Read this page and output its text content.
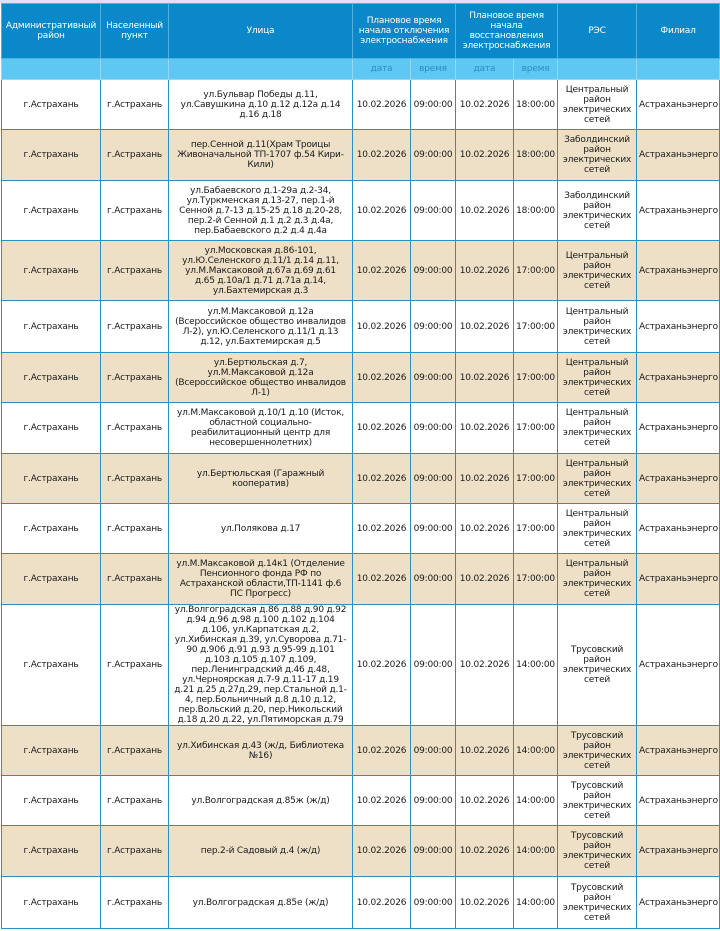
Административный район	Населенный пункт	Улица	Плановое время начала отключения электроснабжения		Плановое время начала восстановления электроснабжения		РЭС	Филиал
			дата	время	дата	время		
г.Астрахань	г.Астрахань	ул.Бульвар Победы д.11, ул.Савушкина д.10 д.12 д.12а д.14 д.16 д.18	10.02.2026	09:00:00	10.02.2026	18:00:00	Центральный район электрических сетей	Астраханьэнерго
г.Астрахань	г.Астрахань	пер.Сенной д.11(Храм Троицы Живоначальной ТП-1707 ф.54 Кири-Кили)	10.02.2026	09:00:00	10.02.2026	18:00:00	Заболдинский район электрических сетей	Астраханьэнерго
г.Астрахань	г.Астрахань	ул.Бабаевского д.1-29а д.2-34, ул.Туркменская д.13-27, пер.1-й Сенной д.7-13 д.15-25 д.18 д.20-28, пер.2-й Сенной д.1 д.2 д.3 д.4а, пер.Бабаевского д.2 д.4 д.4а	10.02.2026	09:00:00	10.02.2026	18:00:00	Заболдинский район электрических сетей	Астраханьэнерго
г.Астрахань	г.Астрахань	ул.Московская д.86-101, ул.Ю.Селенского д.11/1 д.14 д.11, ул.М.Максаковой д.67а д.69 д.61 д.65 д.10а/1 д.71 д.71а д.14, ул.Бахтемирская д.3	10.02.2026	09:00:00	10.02.2026	17:00:00	Центральный район электрических сетей	Астраханьэнерго
г.Астрахань	г.Астрахань	ул.М.Максаковой д.12а (Всероссийское общество инвалидов Л-2), ул.Ю.Селенского д.11/1 д.13 д.12, ул.Бахтемирская д.5	10.02.2026	09:00:00	10.02.2026	17:00:00	Центральный район электрических сетей	Астраханьэнерго
г.Астрахань	г.Астрахань	ул.Бертюльская д.7, ул.М.Максаковой д.12а (Всероссийское общество инвалидов Л-1)	10.02.2026	09:00:00	10.02.2026	17:00:00	Центральный район электрических сетей	Астраханьэнерго
г.Астрахань	г.Астрахань	ул.М.Максаковой д.10/1 д.10 (Исток, областной социально-реабилитационный центр для несовершеннолетних)	10.02.2026	09:00:00	10.02.2026	17:00:00	Центральный район электрических сетей	Астраханьэнерго
г.Астрахань	г.Астрахань	ул.Бертюльская (Гаражный кооператив)	10.02.2026	09:00:00	10.02.2026	17:00:00	Центральный район электрических сетей	Астраханьэнерго
г.Астрахань	г.Астрахань	ул.Полякова д.17	10.02.2026	09:00:00	10.02.2026	17:00:00	Центральный район электрических сетей	Астраханьэнерго
г.Астрахань	г.Астрахань	ул.М.Максаковой д.14к1 (Отделение Пенсионного фонда РФ по Астраханской области,ТП-1141 ф.6 ПС Прогресс)	10.02.2026	09:00:00	10.02.2026	17:00:00	Центральный район электрических сетей	Астраханьэнерго
г.Астрахань	г.Астрахань	ул.Волгоградская д.86 д.88 д.90 д.92 д.94 д.96 д.98 д.100 д.102 д.104 д.106, ул.Карпатская д.2, ул.Хибинская д.39, ул.Суворова д.71-90 д.906 д.91 д.93 д.95-99 д.101 д.103 д.105 д.107 д.109, пер.Ленинградский д.46 д.48, ул.Черноярская д.7-9 д.11-17 д.19 д.21 д.25 д.27д.29, пер.Стальной д.1-4, пер.Больничный д.8 д.10 д.12, пер.Вольский д.20, пер.Никольский д.18 д.20 д.22, ул.Пятиморская д.79	10.02.2026	09:00:00	10.02.2026	14:00:00	Трусовский район электрических сетей	Астраханьэнерго
г.Астрахань	г.Астрахань	ул.Хибинская д.43 (ж/д, Библиотека №16)	10.02.2026	09:00:00	10.02.2026	14:00:00	Трусовский район электрических сетей	Астраханьэнерго
г.Астрахань	г.Астрахань	ул.Волгоградская д.85ж (ж/д)	10.02.2026	09:00:00	10.02.2026	14:00:00	Трусовский район электрических сетей	Астраханьэнерго
г.Астрахань	г.Астрахань	пер.2-й Садовый д.4 (ж/д)	10.02.2026	09:00:00	10.02.2026	14:00:00	Трусовский район электрических сетей	Астраханьэнерго
г.Астрахань	г.Астрахань	ул.Волгоградская д.85е (ж/д)	10.02.2026	09:00:00	10.02.2026	14:00:00	Трусовский район электрических сетей	Астраханьэнерго
